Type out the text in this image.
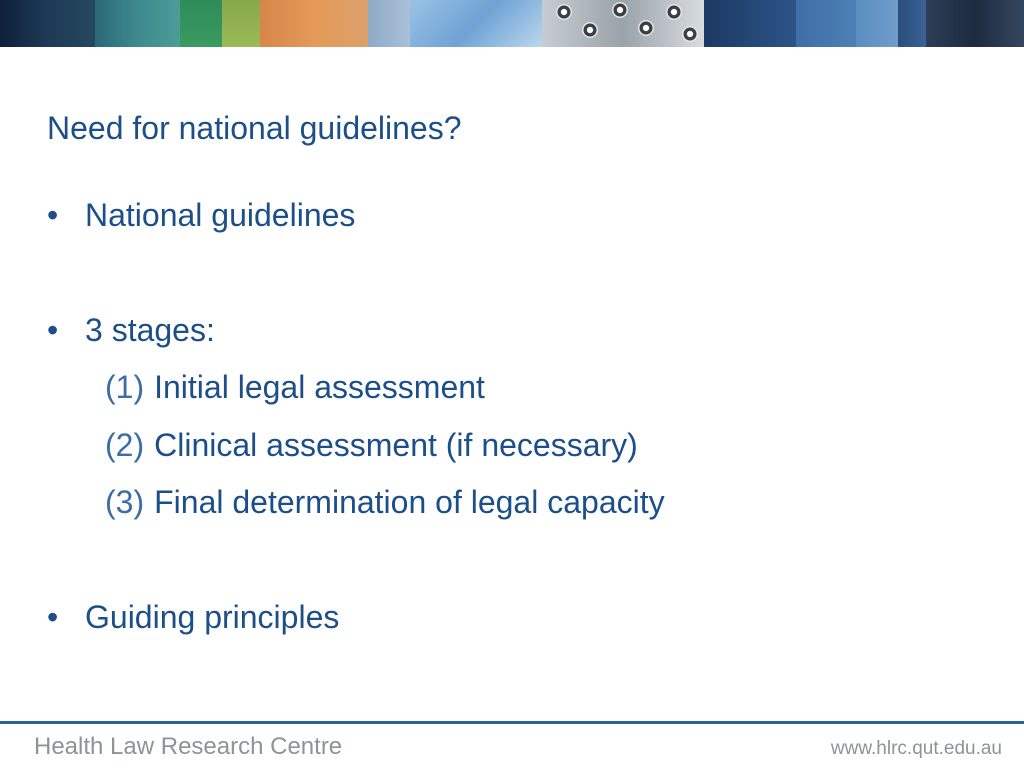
Need for national guidelines?
• National guidelines
• 3 stages:
(1) Initial legal assessment
(2) Clinical assessment (if necessary)
(3) Final determination of legal capacity
• Guiding principles
Health Law Research Centre	www.hlrc.qut.edu.au
